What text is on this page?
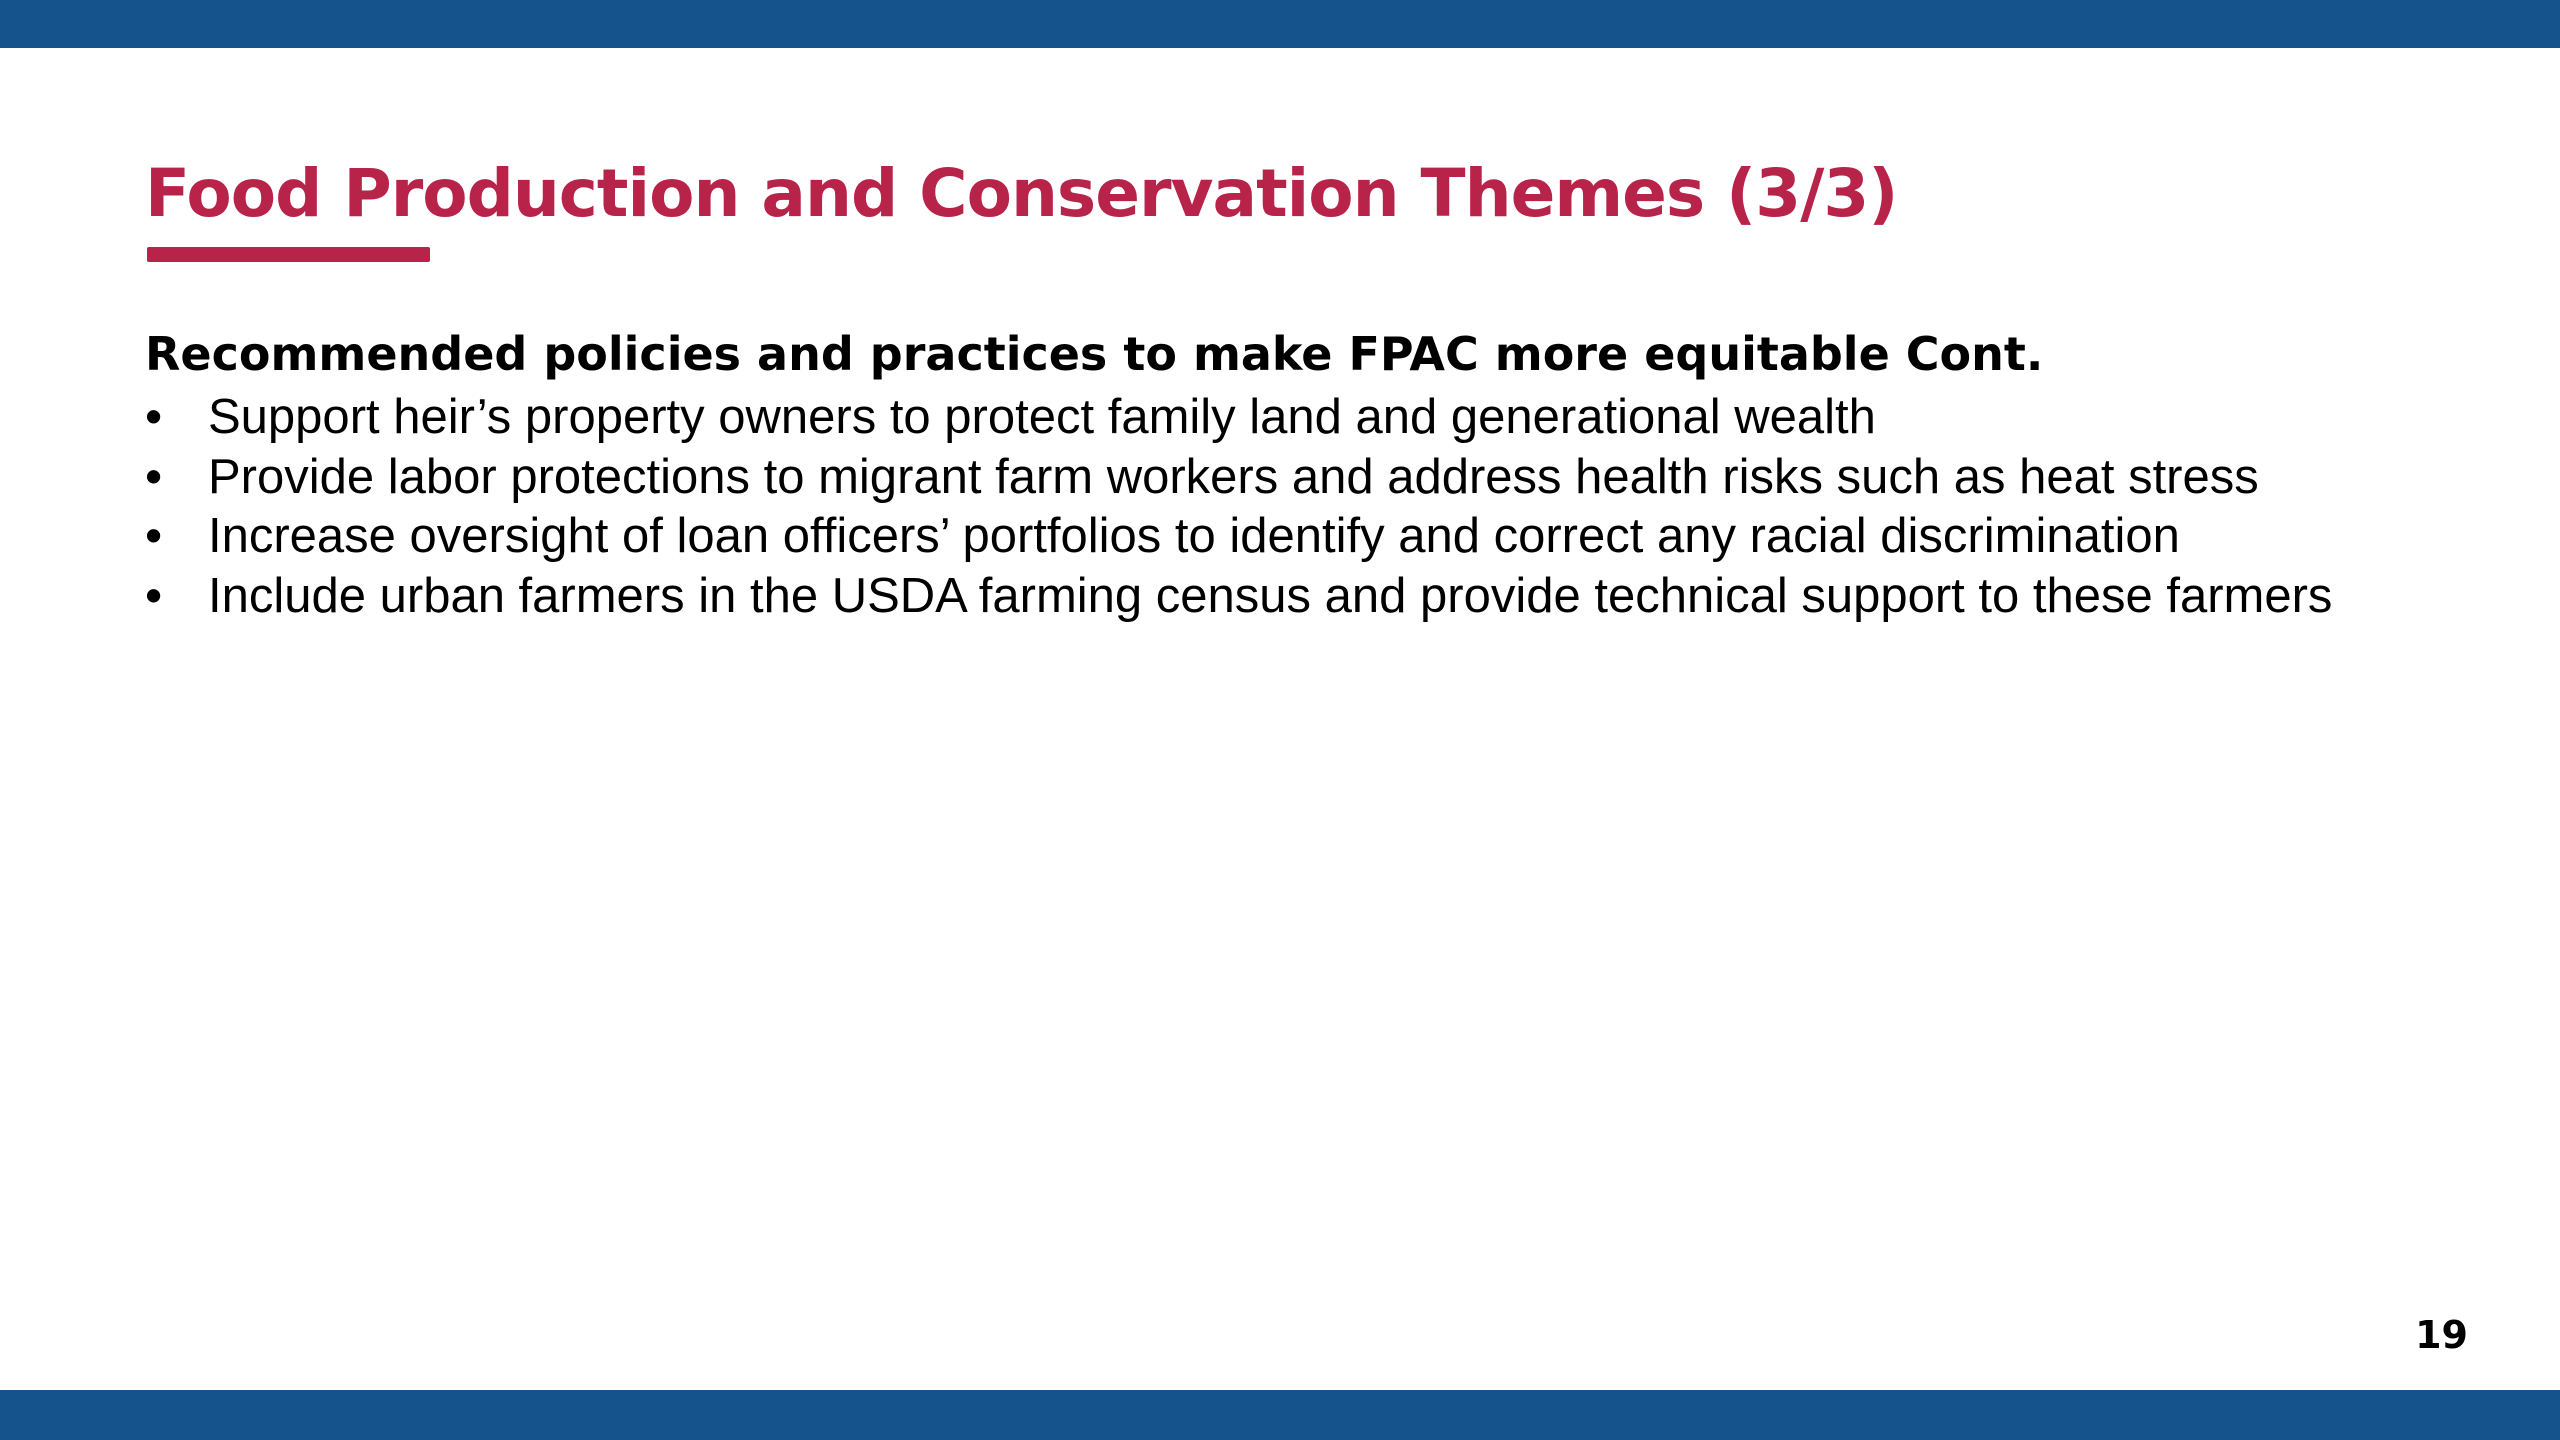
Food Production and Conservation Themes (3/3)

Recommended policies and practices to make FPAC more equitable Cont.

• Support heir’s property owners to protect family land and generational wealth
• Provide labor protections to migrant farm workers and address health risks such as heat stress
• Increase oversight of loan officers’ portfolios to identify and correct any racial discrimination
• Include urban farmers in the USDA farming census and provide technical support to these farmers
19
